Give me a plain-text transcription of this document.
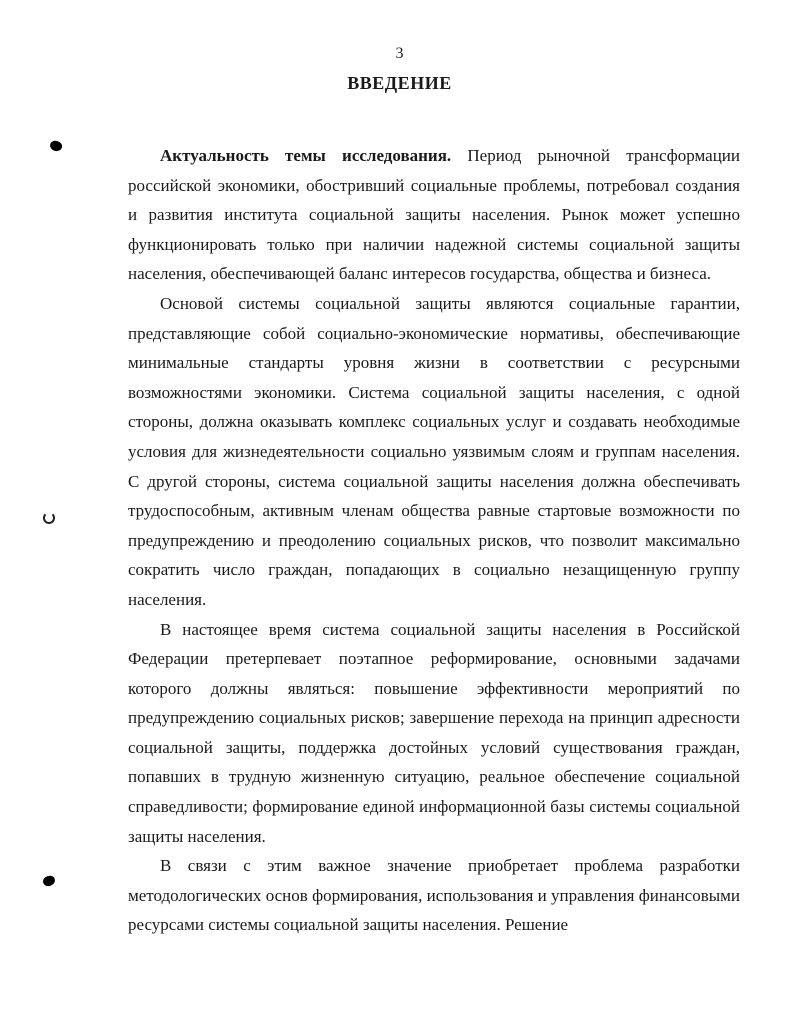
3
ВВЕДЕНИЕ

Актуальность темы исследования. Период рыночной трансформации российской экономики, обостривший социальные проблемы, потребовал создания и развития института социальной защиты населения. Рынок может успешно функционировать только при наличии надежной системы социальной защиты населения, обеспечивающей баланс интересов государства, общества и бизнеса.

Основой системы социальной защиты являются социальные гарантии, представляющие собой социально-экономические нормативы, обеспечивающие минимальные стандарты уровня жизни в соответствии с ресурсными возможностями экономики. Система социальной защиты населения, с одной стороны, должна оказывать комплекс социальных услуг и создавать необходимые условия для жизнедеятельности социально уязвимым слоям и группам населения. С другой стороны, система социальной защиты населения должна обеспечивать трудоспособным, активным членам общества равные стартовые возможности по предупреждению и преодолению социальных рисков, что позволит максимально сократить число граждан, попадающих в социально незащищенную группу населения.

В настоящее время система социальной защиты населения в Российской Федерации претерпевает поэтапное реформирование, основными задачами которого должны являться: повышение эффективности мероприятий по предупреждению социальных рисков; завершение перехода на принцип адресности социальной защиты, поддержка достойных условий существования граждан, попавших в трудную жизненную ситуацию, реальное обеспечение социальной справедливости; формирование единой информационной базы системы социальной защиты населения.

В связи с этим важное значение приобретает проблема разработки методологических основ формирования, использования и управления финансовыми ресурсами системы социальной защиты населения. Решение
